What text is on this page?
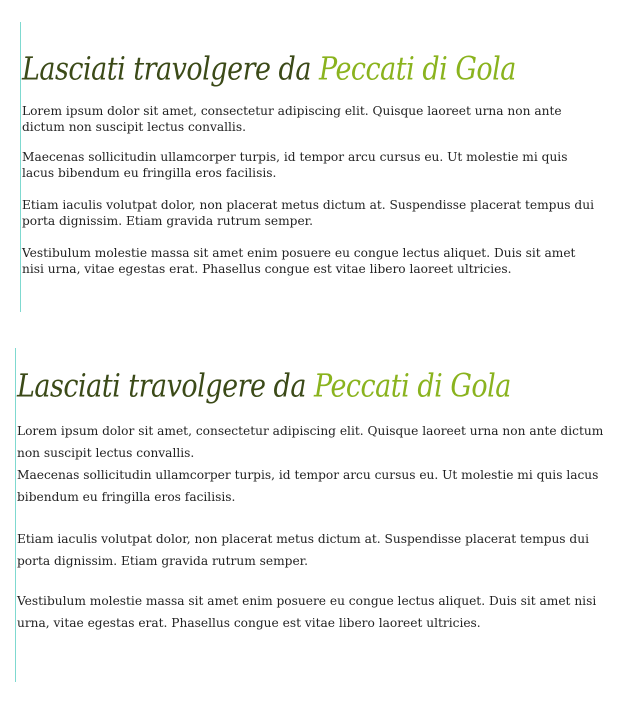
Lasciati travolgere da Peccati di Gola

Lorem ipsum dolor sit amet, consectetur adipiscing elit. Quisque laoreet urna non ante dictum non suscipit lectus convallis.

Maecenas sollicitudin ullamcorper turpis, id tempor arcu cursus eu. Ut molestie mi quis lacus bibendum eu fringilla eros facilisis.

Etiam iaculis volutpat dolor, non placerat metus dictum at. Suspendisse placerat tempus dui porta dignissim. Etiam gravida rutrum semper.

Vestibulum molestie massa sit amet enim posuere eu congue lectus aliquet. Duis sit amet nisi urna, vitae egestas erat. Phasellus congue est vitae libero laoreet ultricies.

Lasciati travolgere da Peccati di Gola

Lorem ipsum dolor sit amet, consectetur adipiscing elit. Quisque laoreet urna non ante dictum non suscipit lectus convallis.

Maecenas sollicitudin ullamcorper turpis, id tempor arcu cursus eu. Ut molestie mi quis lacus bibendum eu fringilla eros facilisis.

Etiam iaculis volutpat dolor, non placerat metus dictum at. Suspendisse placerat tempus dui porta dignissim. Etiam gravida rutrum semper.

Vestibulum molestie massa sit amet enim posuere eu congue lectus aliquet. Duis sit amet nisi urna, vitae egestas erat. Phasellus congue est vitae libero laoreet ultricies.
